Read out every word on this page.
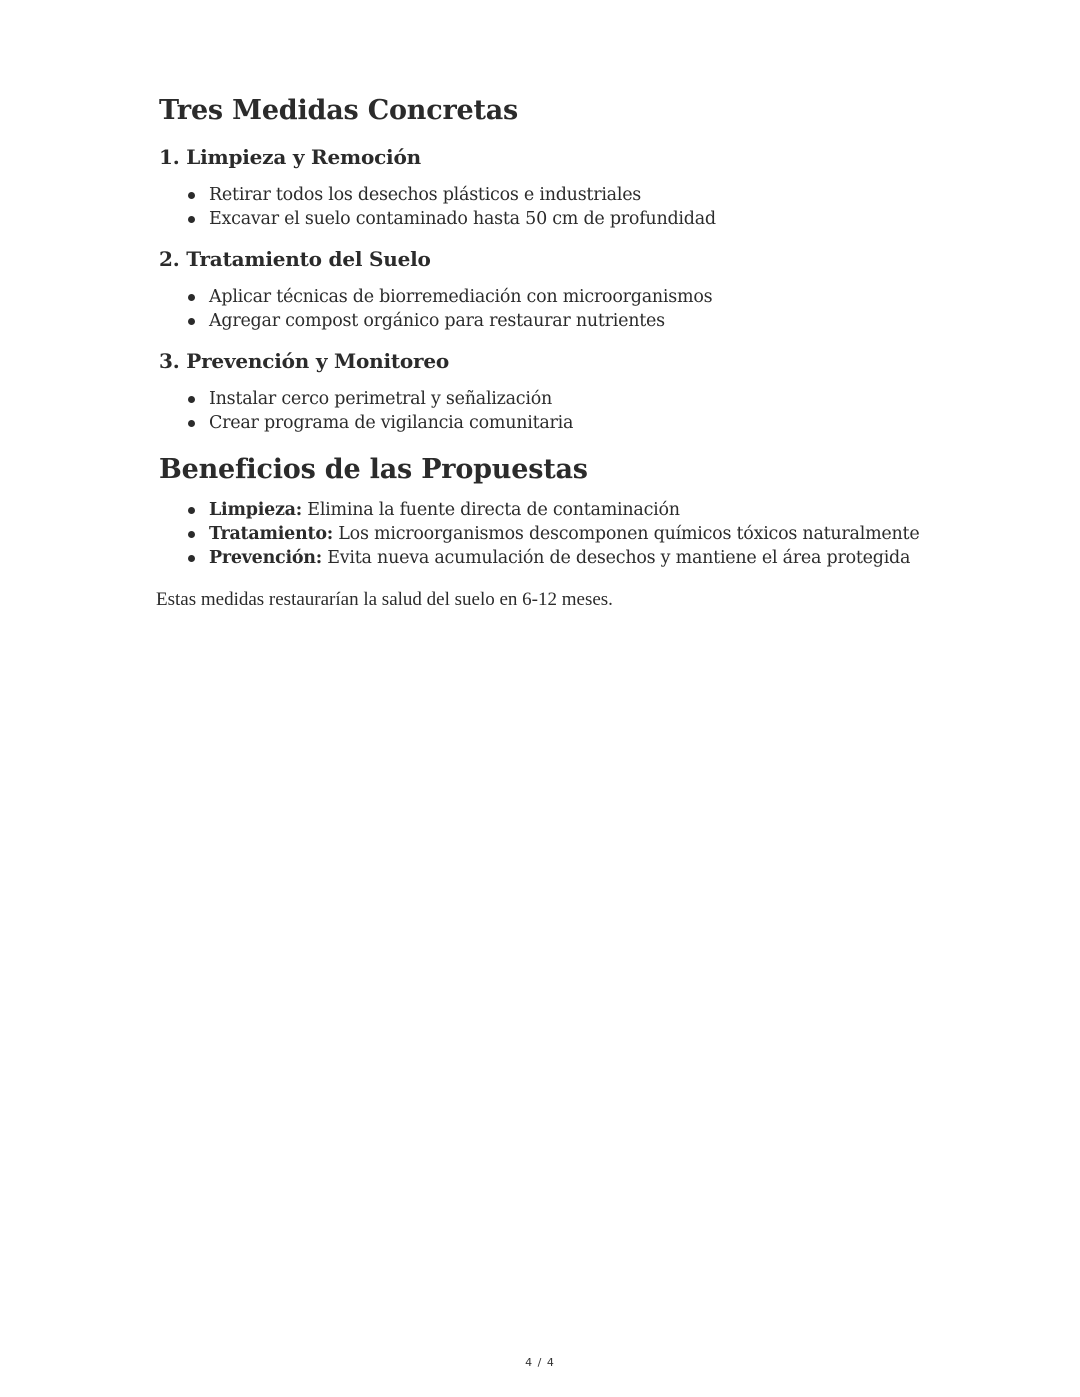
Tres Medidas Concretas
1. Limpieza y Remoción
Retirar todos los desechos plásticos e industriales
Excavar el suelo contaminado hasta 50 cm de profundidad
2. Tratamiento del Suelo
Aplicar técnicas de biorremediación con microorganismos
Agregar compost orgánico para restaurar nutrientes
3. Prevención y Monitoreo
Instalar cerco perimetral y señalización
Crear programa de vigilancia comunitaria
Beneficios de las Propuestas
Limpieza: Elimina la fuente directa de contaminación
Tratamiento: Los microorganismos descomponen químicos tóxicos naturalmente
Prevención: Evita nueva acumulación de desechos y mantiene el área protegida

Estas medidas restaurarían la salud del suelo en 6-12 meses.

4 / 4
